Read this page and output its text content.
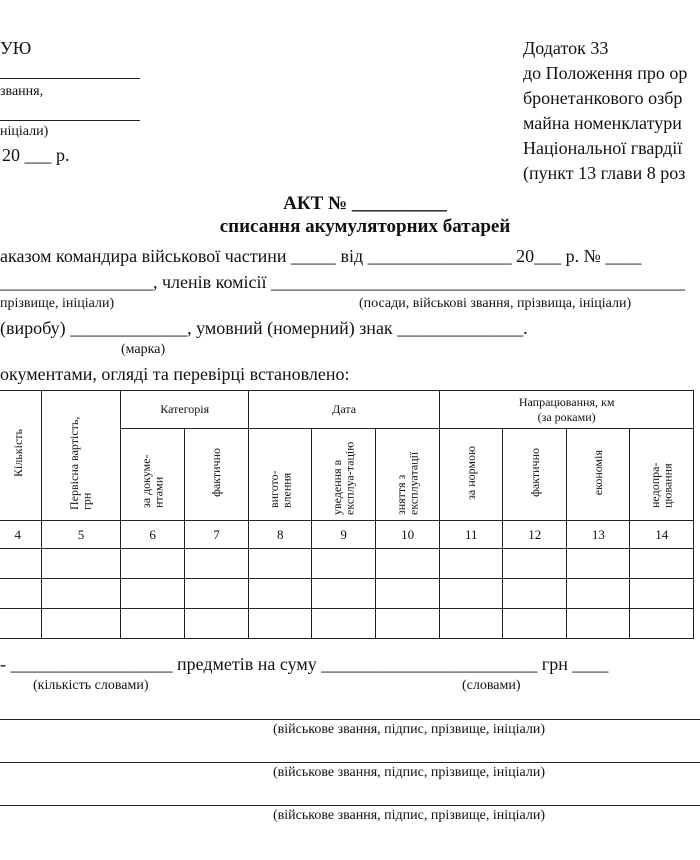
УЮ
звання,
ніціали)
20 ___ р.
Додаток 33
до Положення про ор
бронетанкового озбр
майна номенклатури
Національної гвардії
(пункт 13 глави 8 роз
АКТ № __________
списання акумуляторних батарей
аказом командира військової частини _____ від ________________ 20___ р. № ____
_________________, членів комісії ______________________________________________
прізвище, ініціали)	(посади, військові звання, прізвища, ініціали)
(виробу) _____________, умовний (номерний) знак ______________.
(марка)
окументами, огляді та перевірці встановлено:
Кількість	Первісна вартість, грн	Категорія		Дата			Напрацювання, км
(за роками)			

		за докуме-нтами	фактично	вигото-влення	уведення в експлуа-тацію	зняття з експлуатації	за нормою	фактично	економія	недопра-цювання
4	5	6	7	8	9	10	11	12	13	14

- __________________ предметів на суму ________________________ грн ____
(кількість словами)	(словами)
(військове звання, підпис, прізвище, ініціали)
(військове звання, підпис, прізвище, ініціали)
(військове звання, підпис, прізвище, ініціали)
